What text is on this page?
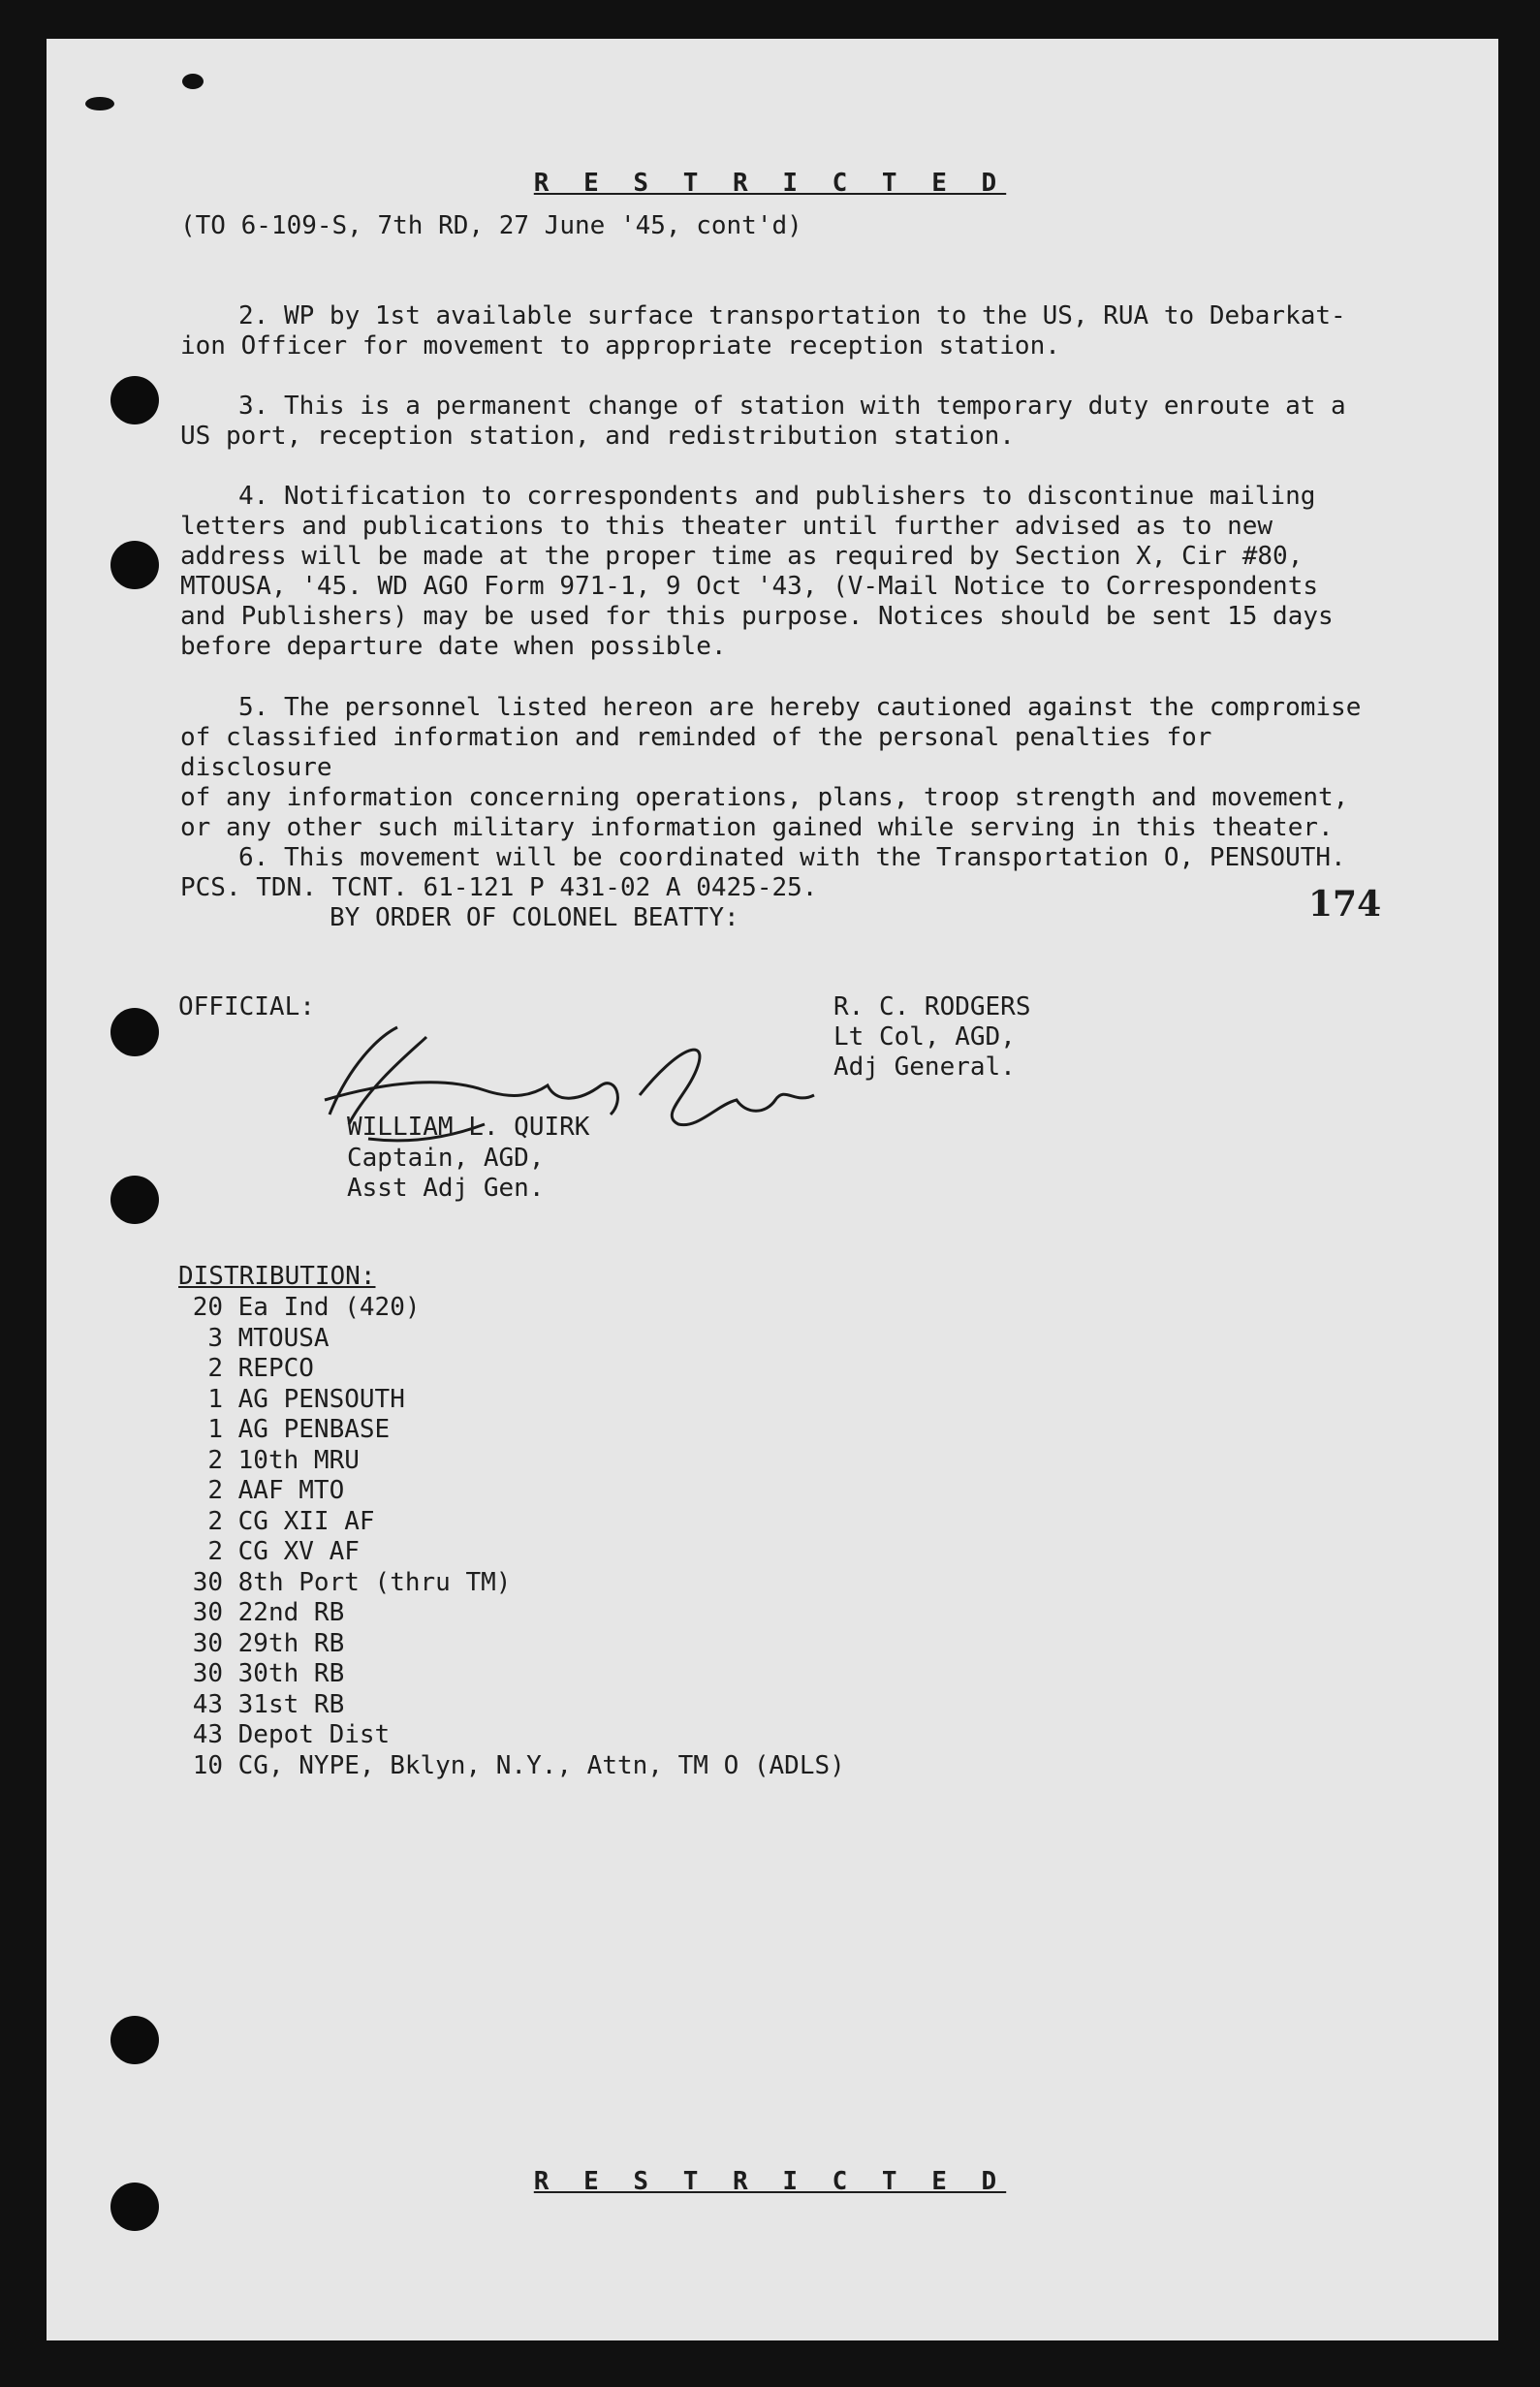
R E S T R I C T E D
(TO 6-109-S, 7th RD, 27 June '45, cont'd)

2. WP by 1st available surface transportation to the US, RUA to Debarkat-
ion Officer for movement to appropriate reception station.

3. This is a permanent change of station with temporary duty enroute at a
US port, reception station, and redistribution station.

4. Notification to correspondents and publishers to discontinue mailing
letters and publications to this theater until further advised as to new
address will be made at the proper time as required by Section X, Cir #80,
MTOUSA, '45. WD AGO Form 971-1, 9 Oct '43, (V-Mail Notice to Correspondents
and Publishers) may be used for this purpose. Notices should be sent 15 days
before departure date when possible.

5. The personnel listed hereon are hereby cautioned against the compromise
of classified information and reminded of the personal penalties for disclosure
of any information concerning operations, plans, troop strength and movement,
or any other such military information gained while serving in this theater.

6. This movement will be coordinated with the Transportation O, PENSOUTH.
PCS. TDN. TCNT. 61-121 P 431-02 A 0425-25.

BY ORDER OF COLONEL BEATTY:	174
R. C. RODGERS
Lt Col, AGD,
Adj General.
OFFICIAL:
WILLIAM L. QUIRK
Captain, AGD,
Asst Adj Gen.
DISTRIBUTION:
20 Ea Ind (420)
3 MTOUSA
2 REPCO
1 AG PENSOUTH
1 AG PENBASE
2 10th MRU
2 AAF MTO
2 CG XII AF
2 CG XV AF
30 8th Port (thru TM)
30 22nd RB
30 29th RB
30 30th RB
43 31st RB
43 Depot Dist
10 CG, NYPE, Bklyn, N.Y., Attn, TM O (ADLS)
R E S T R I C T E D
